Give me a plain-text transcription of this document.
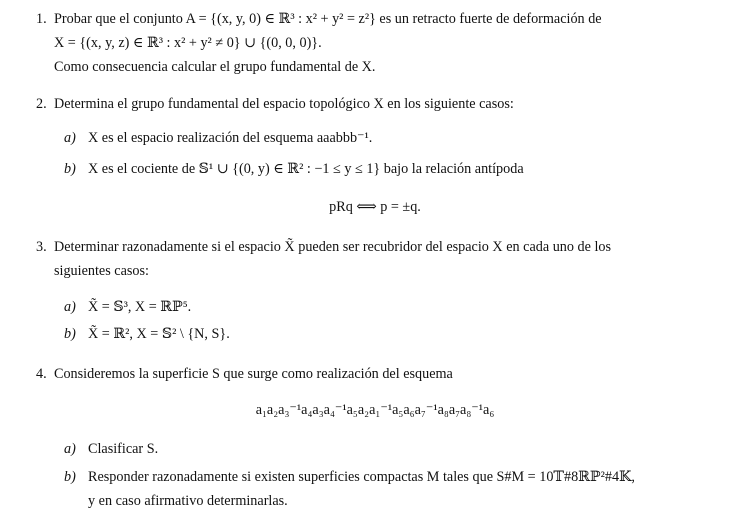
1. Probar que el conjunto A = {(x, y, 0) ∈ ℝ³ : x² + y² = z²} es un retracto fuerte de deformación de
X = {(x, y, z) ∈ ℝ³ : x² + y² ≠ 0} ∪ {(0, 0, 0)}.
Como consecuencia calcular el grupo fundamental de X.
2. Determina el grupo fundamental del espacio topológico X en los siguiente casos:
a) X es el espacio realización del esquema aaabbb⁻¹.
b) X es el cociente de 𝕊¹ ∪ {(0, y) ∈ ℝ² : −1 ≤ y ≤ 1} bajo la relación antípoda
pRq ⟺ p = ±q.
3. Determinar razonadamente si el espacio X̃ pueden ser recubridor del espacio X en cada uno de los
siguientes casos:
a) X̃ = 𝕊³, X = ℝℙ⁵.
b) X̃ = ℝ², X = 𝕊² \ {N, S}.
4. Consideremos la superficie S que surge como realización del esquema
a₁a₂a₃⁻¹a₄a₃a₄⁻¹a₅a₂a₁⁻¹a₅a₆a₇⁻¹a₈a₇a₈⁻¹a₆
a) Clasificar S.
b) Responder razonadamente si existen superficies compactas M tales que S#M = 10𝕋#8ℝℙ²#4𝕂,
y en caso afirmativo determinarlas.
